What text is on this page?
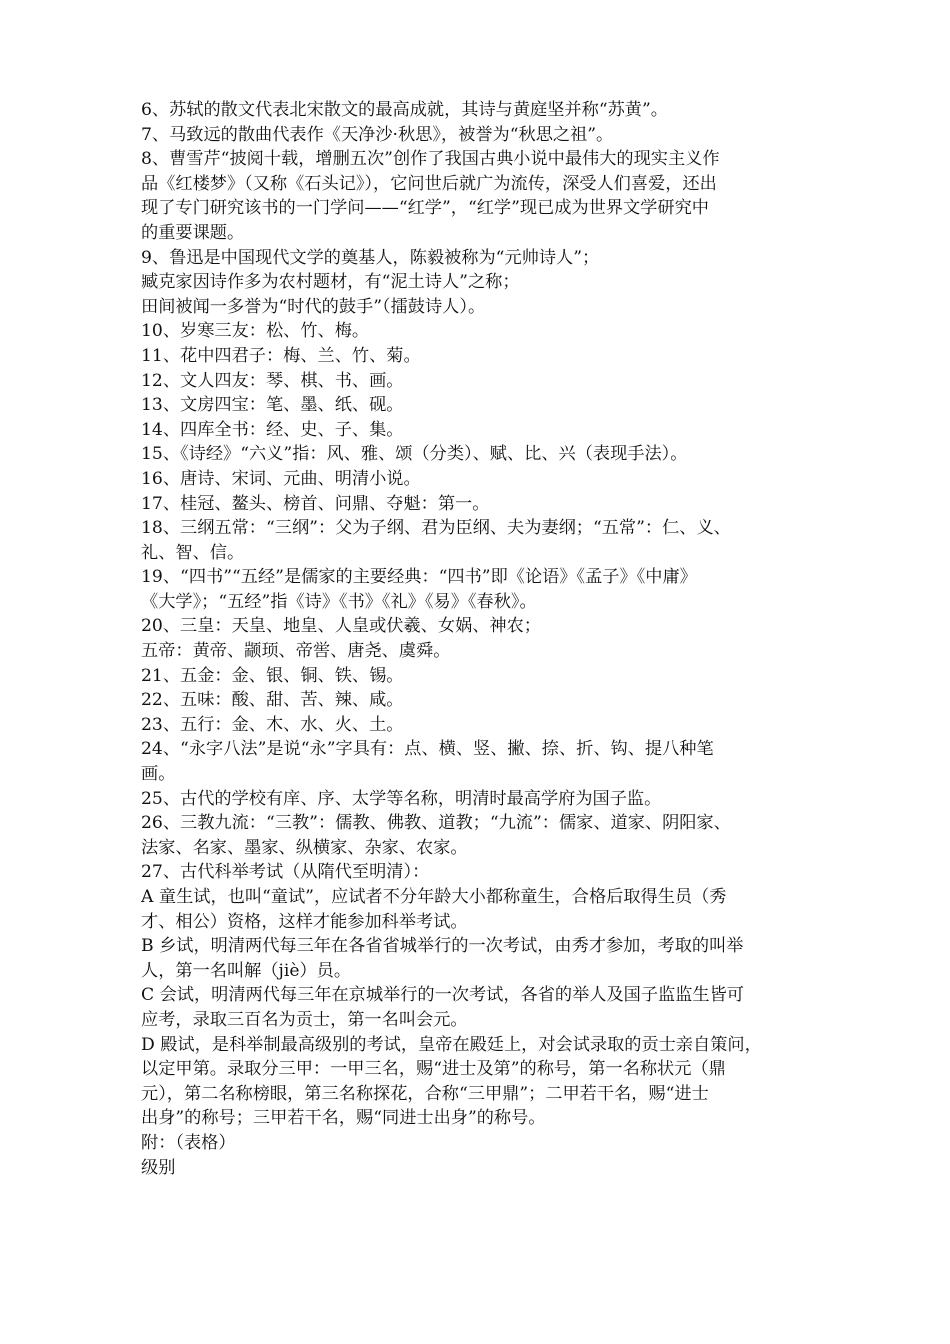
6、苏轼的散文代表北宋散文的最高成就，其诗与黄庭坚并称“苏黄”。
7、马致远的散曲代表作《天净沙·秋思》，被誉为“秋思之祖”。
8、曹雪芹“披阅十载，增删五次”创作了我国古典小说中最伟大的现实主义作
品《红楼梦》（又称《石头记》），它问世后就广为流传，深受人们喜爱，还出
现了专门研究该书的一门学问——“红学”，“红学”现已成为世界文学研究中
的重要课题。
9、鲁迅是中国现代文学的奠基人，陈毅被称为“元帅诗人”；
臧克家因诗作多为农村题材，有“泥土诗人”之称；
田间被闻一多誉为“时代的鼓手”（擂鼓诗人）。
10、岁寒三友：松、竹、梅。
11、花中四君子：梅、兰、竹、菊。
12、文人四友：琴、棋、书、画。
13、文房四宝：笔、墨、纸、砚。
14、四库全书：经、史、子、集。
15、《诗经》“六义”指：风、雅、颂（分类）、赋、比、兴（表现手法）。
16、唐诗、宋词、元曲、明清小说。
17、桂冠、鳌头、榜首、问鼎、夺魁：第一。
18、三纲五常：“三纲”：父为子纲、君为臣纲、夫为妻纲；“五常”：仁、义、
礼、智、信。
19、“四书”“五经”是儒家的主要经典：“四书”即《论语》《孟子》《中庸》
《大学》；“五经”指《诗》《书》《礼》《易》《春秋》。
20、三皇：天皇、地皇、人皇或伏羲、女娲、神农；
五帝：黄帝、颛顼、帝喾、唐尧、虞舜。
21、五金：金、银、铜、铁、锡。
22、五味：酸、甜、苦、辣、咸。
23、五行：金、木、水、火、土。
24、“永字八法”是说“永”字具有：点、横、竖、撇、捺、折、钩、提八种笔
画。
25、古代的学校有庠、序、太学等名称，明清时最高学府为国子监。
26、三教九流：“三教”：儒教、佛教、道教；“九流”：儒家、道家、阴阳家、
法家、名家、墨家、纵横家、杂家、农家。
27、古代科举考试（从隋代至明清）：
A 童生试，也叫“童试”，应试者不分年龄大小都称童生，合格后取得生员（秀
才、相公）资格，这样才能参加科举考试。
B 乡试，明清两代每三年在各省省城举行的一次考试，由秀才参加，考取的叫举
人，第一名叫解（jiè）员。
C 会试，明清两代每三年在京城举行的一次考试，各省的举人及国子监监生皆可
应考，录取三百名为贡士，第一名叫会元。
D 殿试，是科举制最高级别的考试，皇帝在殿廷上，对会试录取的贡士亲自策问，
以定甲第。录取分三甲：一甲三名，赐“进士及第”的称号，第一名称状元（鼎
元），第二名称榜眼，第三名称探花，合称“三甲鼎”；二甲若干名，赐“进士
出身”的称号；三甲若干名，赐“同进士出身”的称号。
附：（表格）
级别
